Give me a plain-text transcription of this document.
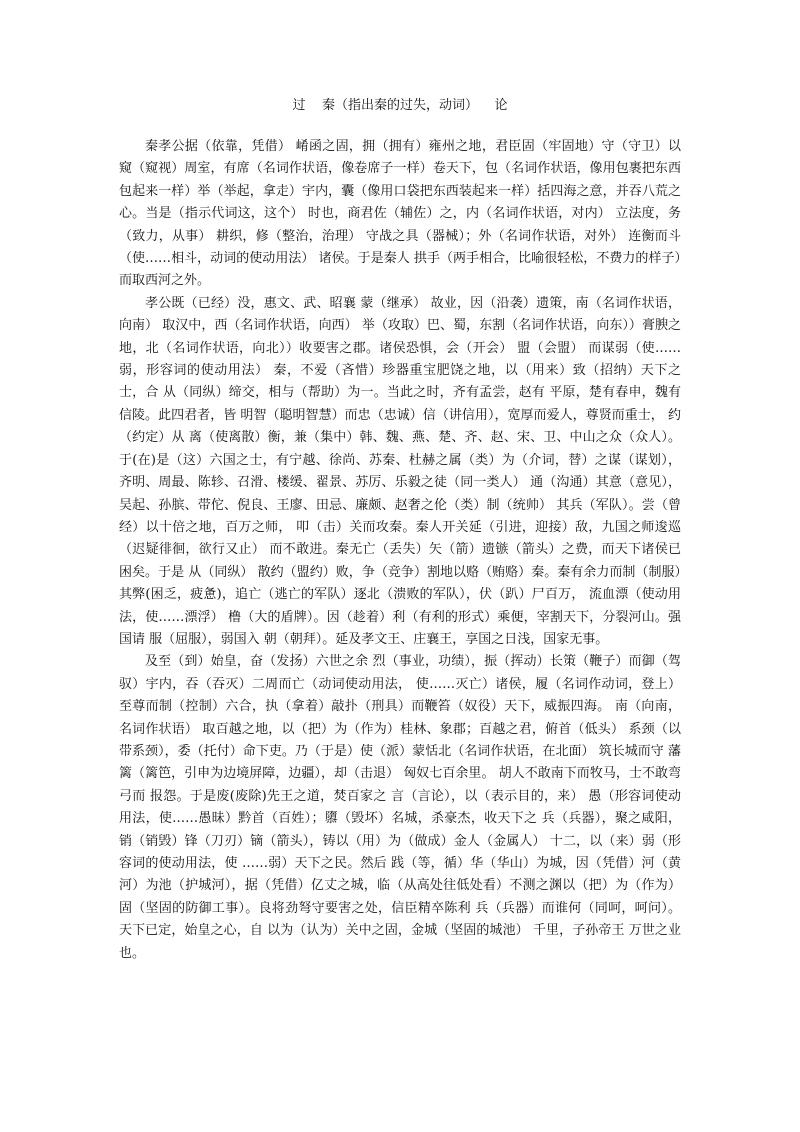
过    秦（指出秦的过失，动词）    论

秦孝公据（依靠，凭借） 崤函之固，拥（拥有）雍州之地，君臣固（牢固地）守（守卫）以窥（窥视）周室，有席（名词作状语，像卷席子一样）卷天下，包（名词作状语，像用包裹把东西包起来一样）举（举起，拿走）宇内，囊（像用口袋把东西装起来一样）括四海之意，并吞八荒之心。当是（指示代词这，这个） 时也，商君佐（辅佐）之，内（名词作状语，对内） 立法度，务（致力，从事） 耕织，修（整治，治理） 守战之具（器械）；外（名词作状语，对外） 连衡而斗（使……相斗，动词的使动用法） 诸侯。于是秦人 拱手（两手相合，比喻很轻松，不费力的样子）而取西河之外。

孝公既（已经）没，惠文、武、昭襄 蒙（继承） 故业，因（沿袭）遗策，南（名词作状语，向南） 取汉中，西（名词作状语，向西） 举（攻取）巴、蜀，东割（名词作状语，向东））膏腴之地，北（名词作状语，向北））收要害之郡。诸侯恐惧，会（开会） 盟（会盟） 而谋弱（使……弱，形容词的使动用法） 秦，不爱（吝惜）珍器重宝肥饶之地，以（用来）致（招纳）天下之士，合 从（同纵）缔交，相与（帮助）为一。当此之时，齐有孟尝，赵有 平原，楚有春申，魏有信陵。此四君者，皆 明智（聪明智慧）而忠（忠诚）信（讲信用），宽厚而爱人，尊贤而重士， 约（约定）从 离（使离散）衡，兼（集中）韩、魏、燕、楚、齐、赵、宋、卫、中山之众（众人）。于(在)是（这）六国之士，有宁越、徐尚、苏秦、杜赫之属（类）为（介词，替）之谋（谋划），齐明、周最、陈轸、召滑、楼缓、翟景、苏厉、乐毅之徒（同一类人） 通（沟通）其意（意见），吴起、孙膑、带佗、倪良、王廖、田忌、廉颇、赵奢之伦（类）制（统帅） 其兵（军队）。尝（曾经）以十倍之地，百万之师， 叩（击）关而攻秦。秦人开关延（引进，迎接）敌，九国之师逡巡（迟疑徘徊，欲行又止） 而不敢进。秦无亡（丢失）矢（箭）遗镞（箭头）之费，而天下诸侯已困矣。于是 从（同纵） 散约（盟约）败，争（竞争）割地以赂（贿赂）秦。秦有余力而制（制服）其弊(困乏，疲惫)，追亡（逃亡的军队）逐北（溃败的军队），伏（趴）尸百万， 流血漂（使动用法，使……漂浮） 橹（大的盾牌）。因（趁着）利（有利的形式）乘便，宰割天下，分裂河山。强国请 服（屈服），弱国入 朝（朝拜）。延及孝文王、庄襄王，享国之日浅，国家无事。

及至（到）始皇，奋（发扬）六世之余 烈（事业，功绩），振（挥动）长策（鞭子）而御（驾驭）宇内，吞（吞灭）二周而亡（动词使动用法， 使……灭亡）诸侯，履（名词作动词，登上） 至尊而制（控制）六合，执（拿着）敲扑（刑具）而鞭笞（奴役）天下，威振四海。 南（向南，名词作状语） 取百越之地，以（把）为（作为）桂林、象郡；百越之君，俯首（低头） 系颈（以带系颈），委（托付）命下吏。乃（于是）使（派）蒙恬北（名词作状语，在北面） 筑长城而守 藩篱（篱笆，引申为边境屏障，边疆），却（击退） 匈奴七百余里。 胡人不敢南下而牧马，士不敢弯弓而 报怨。于是废(废除)先王之道，焚百家之 言（言论），以（表示目的，来） 愚（形容词使动用法，使……愚昧）黔首（百姓）；隳（毁坏）名城，杀豪杰，收天下之 兵（兵器），聚之咸阳，销（销毁）锋（刀刃）镝（箭头），铸以（用）为（做成）金人（金属人） 十二，以（来）弱（形容词的使动用法，使 ……弱）天下之民。然后 践（等，循）华（华山）为城，因（凭借）河（黄河）为池（护城河），据（凭借）亿丈之城，临（从高处往低处看）不测之渊以（把）为（作为）固（坚固的防御工事）。良将劲弩守要害之处，信臣精卒陈利 兵（兵器）而谁何（同呵，呵问）。天下已定，始皇之心，自 以为（认为）关中之固，金城（坚固的城池） 千里，子孙帝王 万世之业也。
